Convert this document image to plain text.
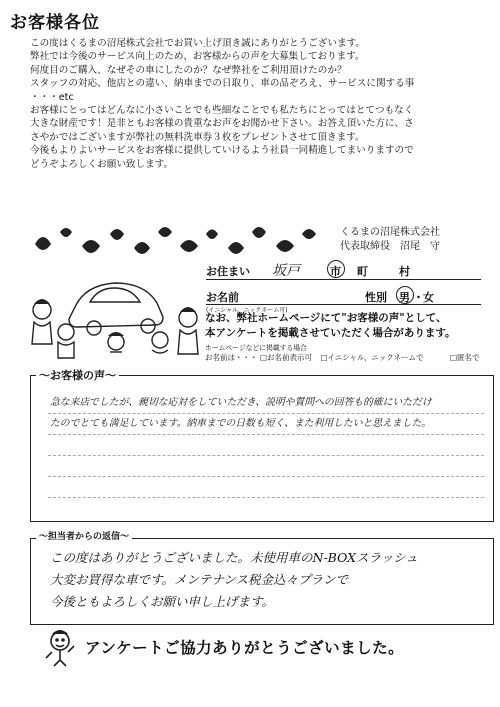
お客様各位
この度はくるまの沼尾株式会社でお買い上げ頂き誠にありがとうございます。
弊社では今後のサービス向上のため、お客様からの声を大募集しております。
何度目のご購入、なぜその車にしたのか？なぜ弊社をご利用頂けたのか？
スタッフの対応、他店との違い、納車までの日取り、車の品ぞろえ、サービスに関する事
・・・etc
お客様にとってはどんなに小さいことでも些細なことでも私たちにとってはとてつもなく
大きな財産です！是非ともお客様の貴重なお声をお聞かせ下さい。お答え頂いた方に、さ
さやかではございますが弊社の無料洗車券３枚をプレゼントさせて頂きます。
今後もよりよいサービスをお客様に提供していけるよう社員一同精進してまいりますので
どうぞよろしくお願い致します。
くるまの沼尾株式会社
代表取締役　沼尾　守
お住まい 坂戸	市 町	村
お名前
(イニシャル、ニックネーム可)
性別 男 ・ 女
なお、弊社ホームページにて"お客様の声"として、
本アンケートを掲載させていただく場合があります。
ホームページなどに掲載する場合
お名前は・・・ □お名前表示可 □イニシャル、ニックネームで	□匿名で
～お客様の声～
急な来店でしたが、親切な応対をしていただき、説明や質問への回答も的確にいただけ
たのでとても満足しています。納車までの日数も短く、また利用したいと思えました。
～担当者からの返信～
この度はありがとうございました。未使用車のN-BOXスラッシュ
大変お買得な車です。メンテナンス税金込々プランで
今後ともよろしくお願い申し上げます。
アンケートご協力ありがとうございました。
